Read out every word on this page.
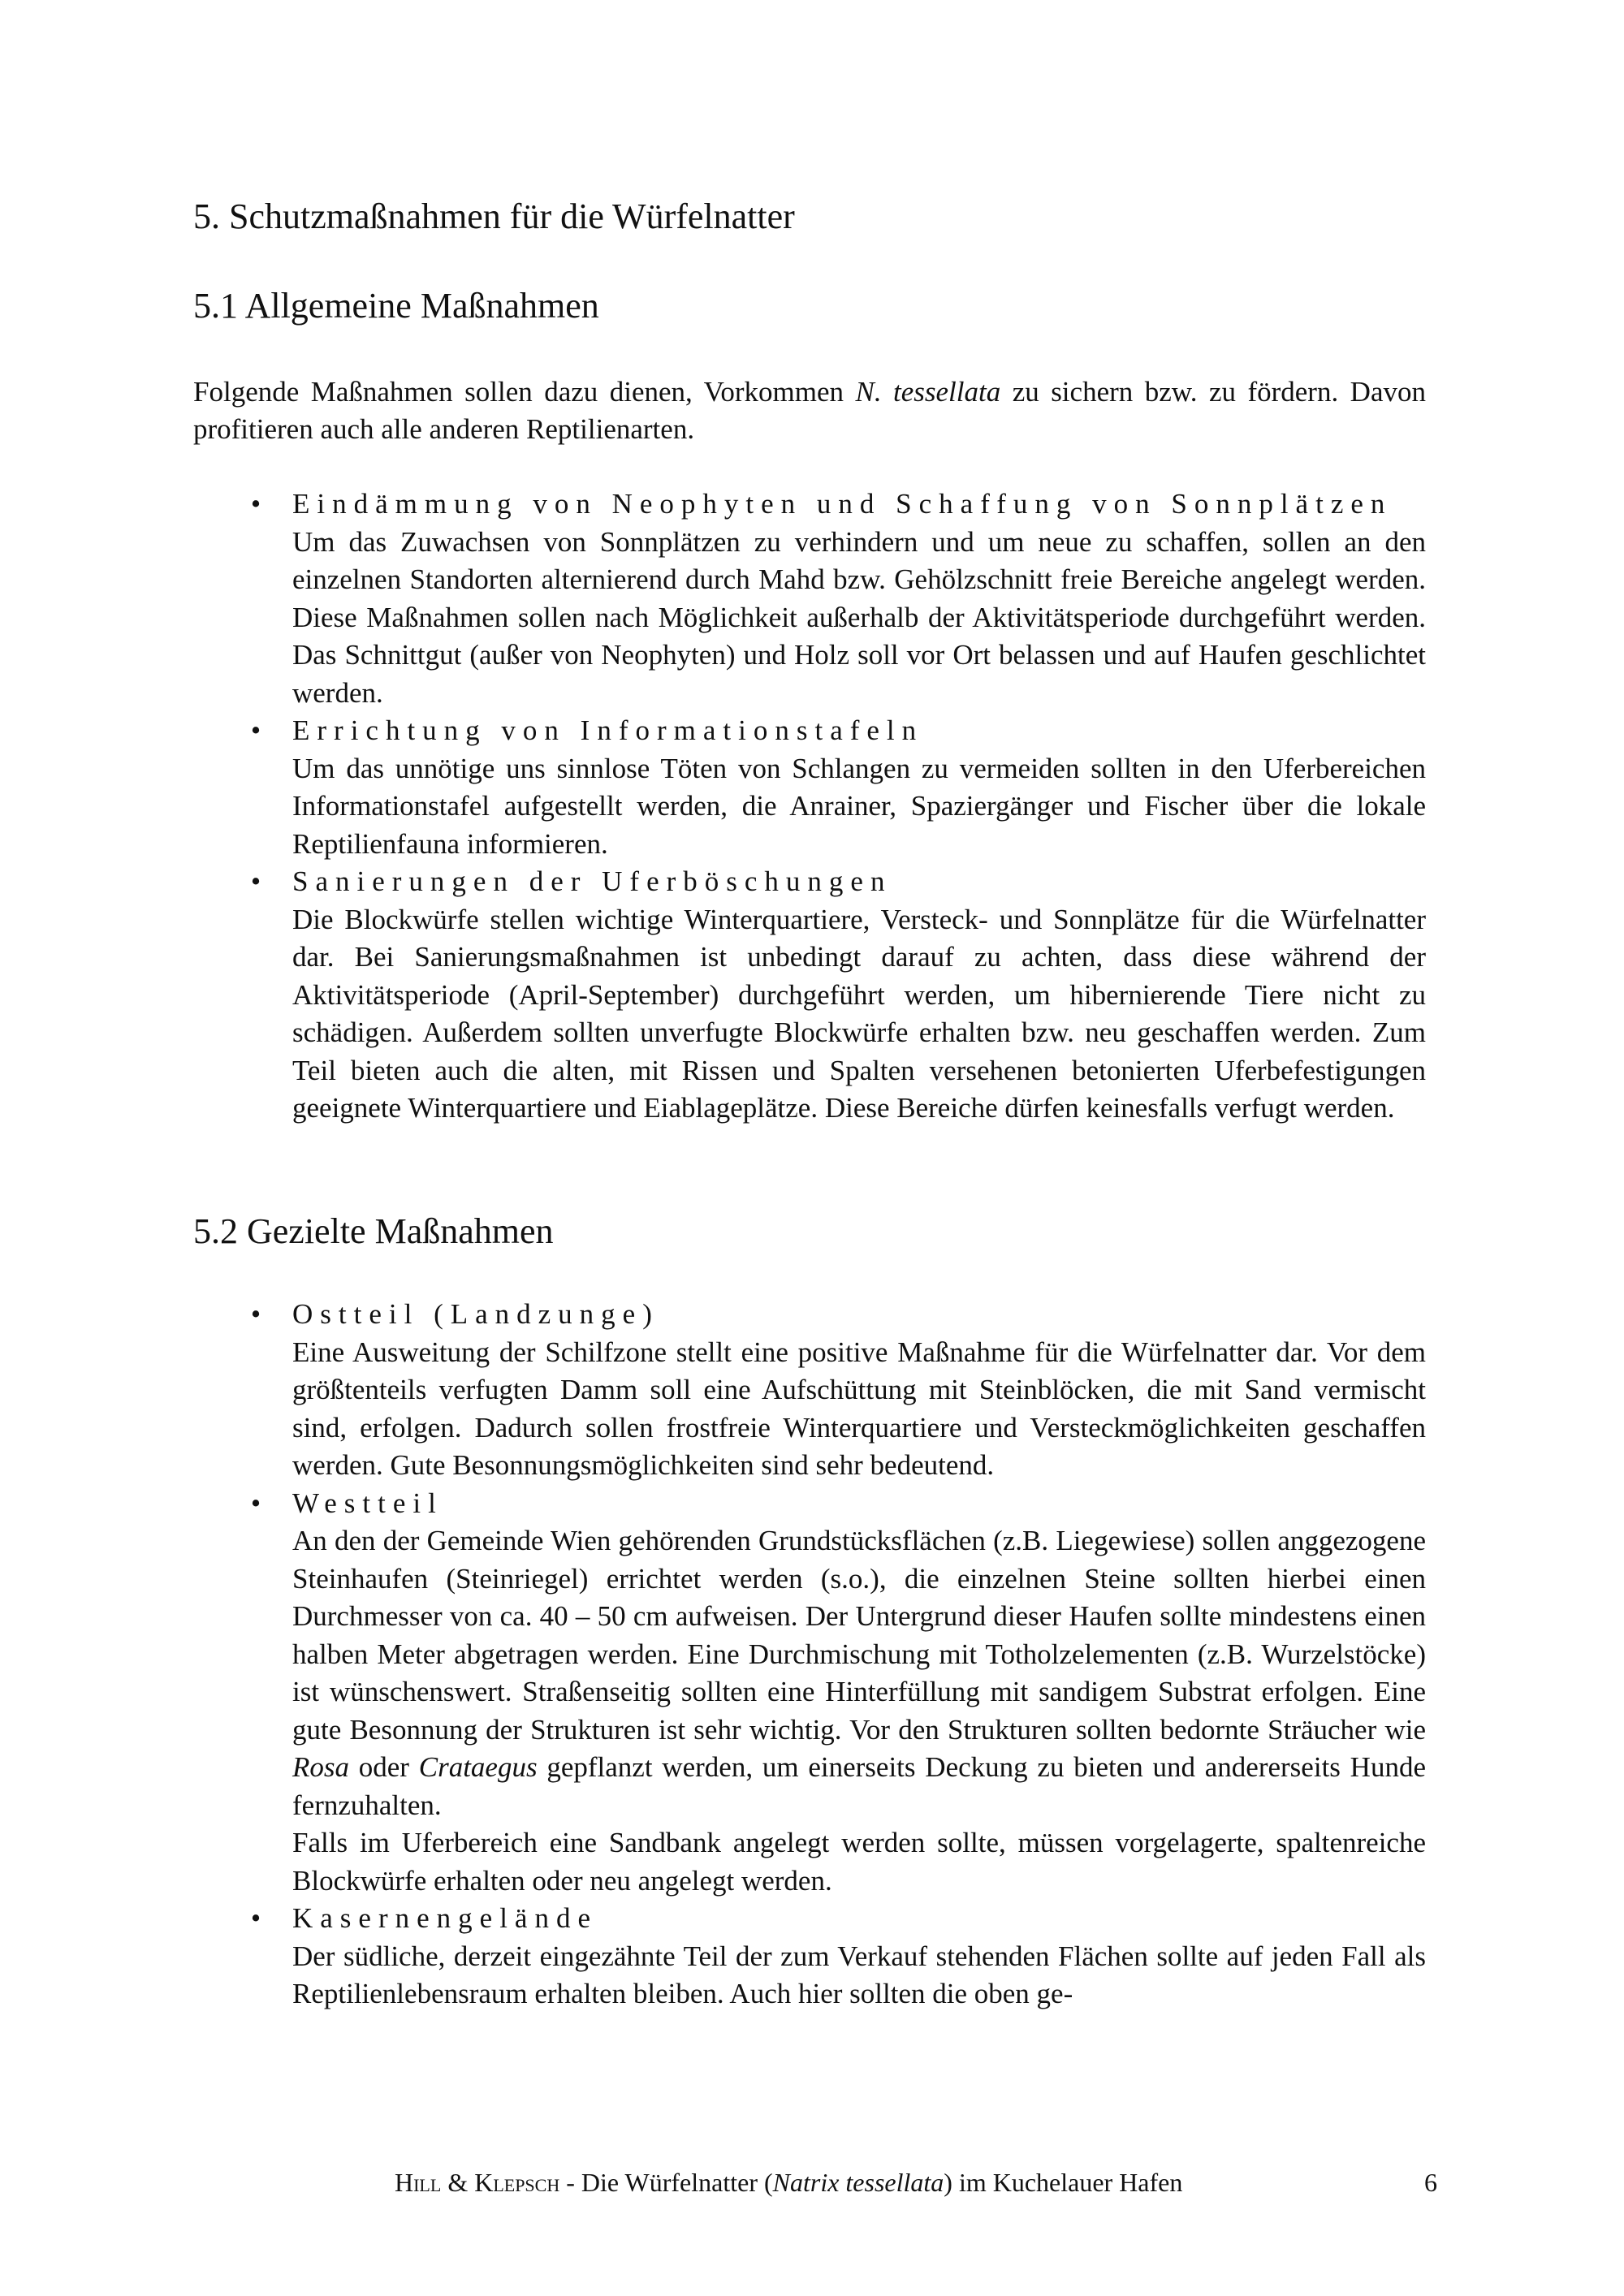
5. Schutzmaßnahmen für die Würfelnatter
5.1 Allgemeine Maßnahmen

Folgende Maßnahmen sollen dazu dienen, Vorkommen N. tessellata zu sichern bzw. zu fördern. Davon profitieren auch alle anderen Reptilienarten.

• Eindämmung von Neophyten und Schaffung von Sonnplätzen
Um das Zuwachsen von Sonnplätzen zu verhindern und um neue zu schaffen, sollen an den einzelnen Standorten alternierend durch Mahd bzw. Gehölzschnitt freie Bereiche angelegt werden. Diese Maßnahmen sollen nach Möglichkeit außerhalb der Aktivitätsperiode durchgeführt werden. Das Schnittgut (außer von Neophyten) und Holz soll vor Ort belassen und auf Haufen geschlichtet werden.
• Errichtung von Informationstafeln
Um das unnötige uns sinnlose Töten von Schlangen zu vermeiden sollten in den Uferbereichen Informationstafel aufgestellt werden, die Anrainer, Spaziergänger und Fischer über die lokale Reptilienfauna informieren.
• Sanierungen der Uferböschungen
Die Blockwürfe stellen wichtige Winterquartiere, Versteck- und Sonnplätze für die Würfelnatter dar. Bei Sanierungsmaßnahmen ist unbedingt darauf zu achten, dass diese während der Aktivitätsperiode (April-September) durchgeführt werden, um hibernierende Tiere nicht zu schädigen. Außerdem sollten unverfugte Blockwürfe erhalten bzw. neu geschaffen werden. Zum Teil bieten auch die alten, mit Rissen und Spalten versehenen betonierten Uferbefestigungen geeignete Winterquartiere und Eiablageplätze. Diese Bereiche dürfen keinesfalls verfugt werden.
5.2 Gezielte Maßnahmen
• Ostteil (Landzunge)
Eine Ausweitung der Schilfzone stellt eine positive Maßnahme für die Würfelnatter dar. Vor dem größtenteils verfugten Damm soll eine Aufschüttung mit Steinblöcken, die mit Sand vermischt sind, erfolgen. Dadurch sollen frostfreie Winterquartiere und Versteckmöglichkeiten geschaffen werden. Gute Besonnungsmöglichkeiten sind sehr bedeutend.
• Westteil
An den der Gemeinde Wien gehörenden Grundstücksflächen (z.B. Liegewiese) sollen anggezogene Steinhaufen (Steinriegel) errichtet werden (s.o.), die einzelnen Steine sollten hierbei einen Durchmesser von ca. 40 – 50 cm aufweisen. Der Untergrund dieser Haufen sollte mindestens einen halben Meter abgetragen werden. Eine Durchmischung mit Totholzelementen (z.B. Wurzelstöcke) ist wünschenswert. Straßenseitig sollten eine Hinterfüllung mit sandigem Substrat erfolgen. Eine gute Besonnung der Strukturen ist sehr wichtig. Vor den Strukturen sollten bedornte Sträucher wie Rosa oder Crataegus gepflanzt werden, um einerseits Deckung zu bieten und andererseits Hunde fernzuhalten.
Falls im Uferbereich eine Sandbank angelegt werden sollte, müssen vorgelagerte, spaltenreiche Blockwürfe erhalten oder neu angelegt werden.
• Kasernengelände
Der südliche, derzeit eingezähnte Teil der zum Verkauf stehenden Flächen sollte auf jeden Fall als Reptilienlebensraum erhalten bleiben. Auch hier sollten die oben ge-
Hill & Klepsch - Die Würfelnatter (Natrix tessellata) im Kuchelauer Hafen	6
